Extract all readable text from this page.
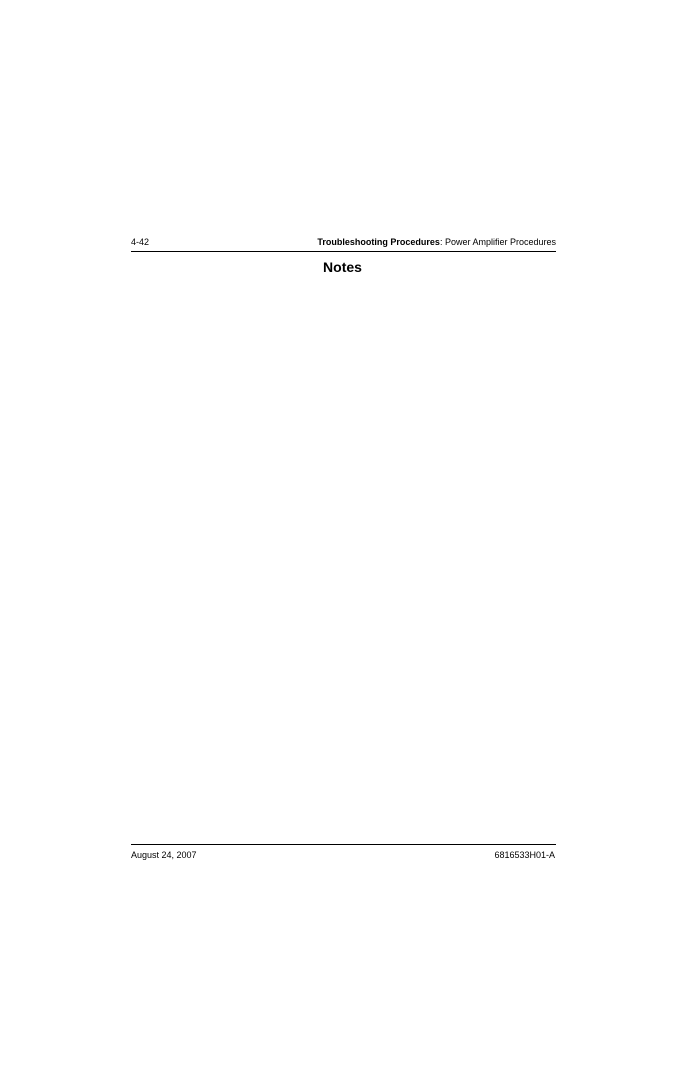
4-42	Troubleshooting Procedures: Power Amplifier Procedures
Notes
August 24, 2007	6816533H01-A
